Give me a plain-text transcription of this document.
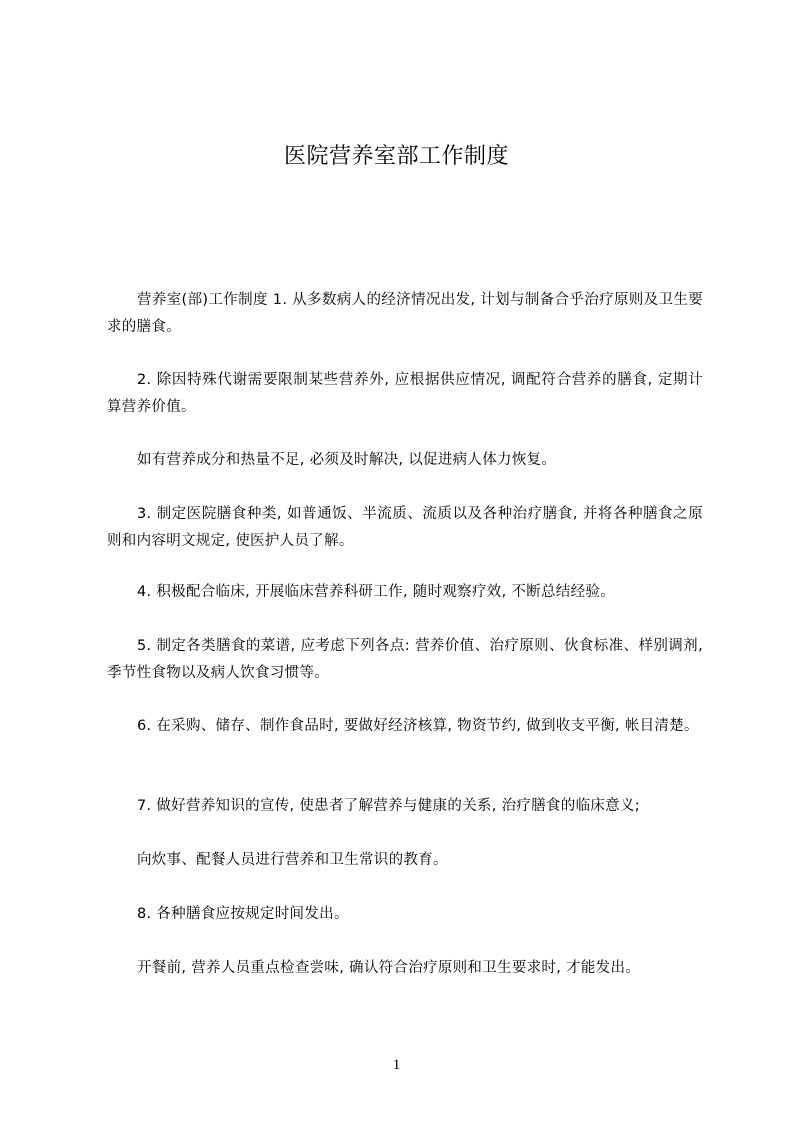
医院营养室部工作制度

营养室(部)工作制度 1. 从多数病人的经济情况出发, 计划与制备合乎治疗原则及卫生要求的膳食。

2. 除因特殊代谢需要限制某些营养外, 应根据供应情况, 调配符合营养的膳食, 定期计算营养价值。

如有营养成分和热量不足, 必须及时解决, 以促进病人体力恢复。

3. 制定医院膳食种类, 如普通饭、半流质、流质以及各种治疗膳食, 并将各种膳食之原则和内容明文规定, 使医护人员了解。

4. 积极配合临床, 开展临床营养科研工作, 随时观察疗效, 不断总结经验。

5. 制定各类膳食的菜谱, 应考虑下列各点: 营养价值、治疗原则、伙食标准、样别调剂, 季节性食物以及病人饮食习惯等。

6. 在采购、储存、制作食品时, 要做好经济核算, 物资节约, 做到收支平衡, 帐目清楚。

7. 做好营养知识的宣传, 使患者了解营养与健康的关系, 治疗膳食的临床意义;

向炊事、配餐人员进行营养和卫生常识的教育。

8. 各种膳食应按规定时间发出。

开餐前, 营养人员重点检查尝味, 确认符合治疗原则和卫生要求时, 才能发出。

1
